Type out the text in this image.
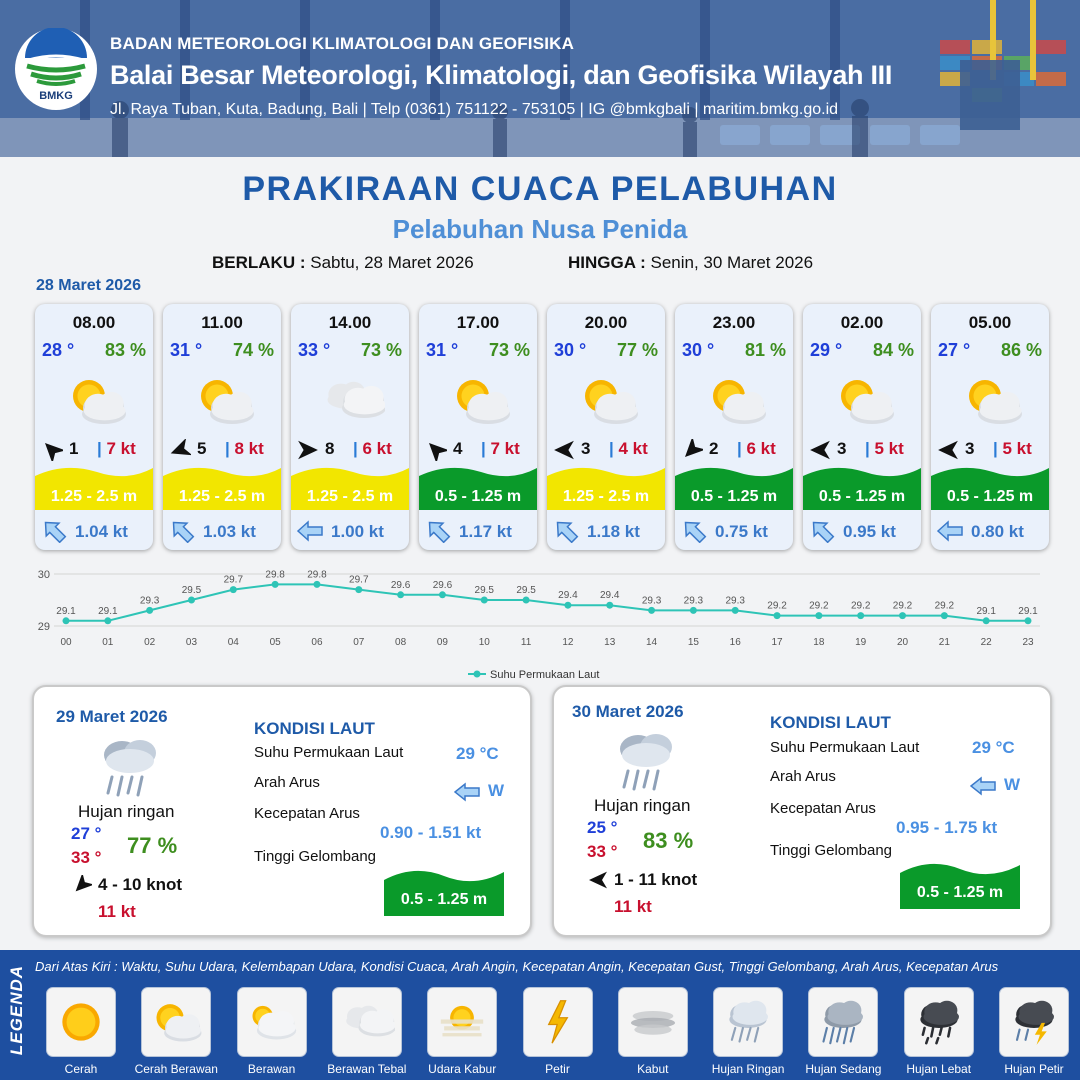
BMKG
BADAN METEOROLOGI KLIMATOLOGI DAN GEOFISIKA
Balai Besar Meteorologi, Klimatologi, dan Geofisika Wilayah III
Jl. Raya Tuban, Kuta, Badung, Bali | Telp (0361) 751122 - 753105 | IG @bmkgbali | maritim.bmkg.go.id
PRAKIRAAN CUACA PELABUHAN
Pelabuhan Nusa Penida
BERLAKU : Sabtu, 28 Maret 2026	HINGGA : Senin, 30 Maret 2026
28 Maret 2026
08.00
28 ° 83 %
1 | 7 kt
1.25 - 2.5 m
1.04 kt
11.00
31 ° 74 %
5 | 8 kt
1.25 - 2.5 m
1.03 kt
14.00
33 ° 73 %
8 | 6 kt
1.25 - 2.5 m
1.00 kt
17.00
31 ° 73 %
4 | 7 kt
0.5 - 1.25 m
1.17 kt
20.00
30 ° 77 %
3 | 4 kt
1.25 - 2.5 m
1.18 kt
23.00
30 ° 81 %
2 | 6 kt
0.5 - 1.25 m
0.75 kt
02.00
29 ° 84 %
3 | 5 kt
0.5 - 1.25 m
0.95 kt
05.00
27 ° 86 %
3 | 5 kt
0.5 - 1.25 m
0.80 kt
30
29
29.1
00
29.1
01
29.3
02
29.5
03
29.7
04
29.8
05
29.8
06
29.7
07
29.6
08
29.6
09
29.5
10
29.5
11
29.4
12
29.4
13
29.3
14
29.3
15
29.3
16
29.2
17
29.2
18
29.2
19
29.2
20
29.2
21
29.1
22
29.1
23
Suhu Permukaan Laut
29 Maret 2026
Hujan ringan
27 °
33 ° 77 %
4 - 10 knot
11 kt
KONDISI LAUT
Suhu Permukaan Laut	29 °C
Arah Arus	W
Kecepatan Arus
0.90 - 1.51 kt
Tinggi Gelombang
0.5 - 1.25 m
30 Maret 2026
Hujan ringan
25 °
33 ° 83 %
1 - 11 knot
11 kt
KONDISI LAUT
Suhu Permukaan Laut	29 °C
Arah Arus	W
Kecepatan Arus
0.95 - 1.75 kt
Tinggi Gelombang
0.5 - 1.25 m
LEGENDA Dari Atas Kiri : Waktu, Suhu Udara, Kelembapan Udara, Kondisi Cuaca, Arah Angin, Kecepatan Angin, Kecepatan Gust, Tinggi Gelombang, Arah Arus, Kecepatan Arus
Cerah	Cerah Berawan	Berawan	Berawan Tebal	Udara Kabur	Petir	Kabut	Hujan Ringan	Hujan Sedang	Hujan Lebat	Hujan Petir
